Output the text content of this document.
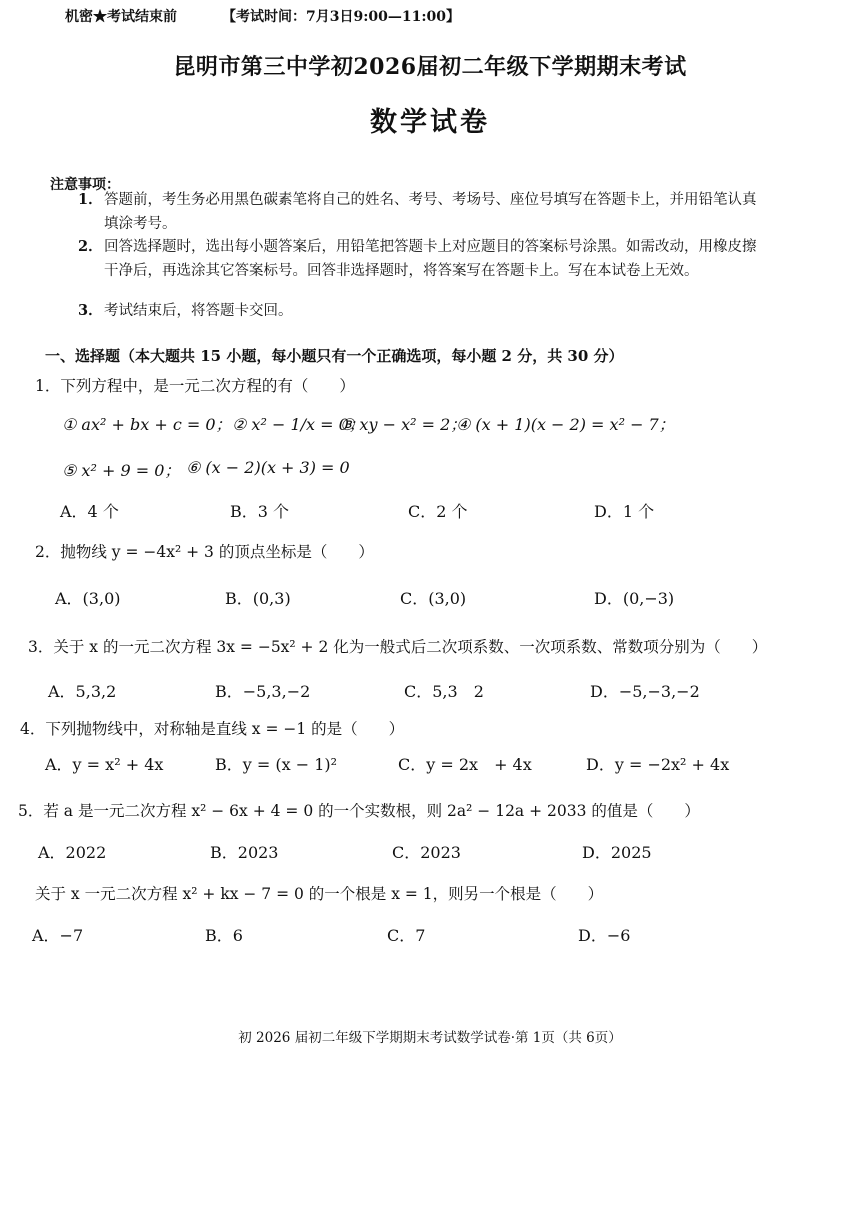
机密★考试结束前	【考试时间：7月3日9:00—11:00】
昆明市第三中学初2026届初二年级下学期期末考试
数学试卷
注意事项：
1． 答题前，考生务必用黑色碳素笔将自己的姓名、考号、考场号、座位号填写在答题卡上，并用铅笔认真填涂考号。
2． 回答选择题时，选出每小题答案后，用铅笔把答题卡上对应题目的答案标号涂黑。如需改动，用橡皮擦干净后，再选涂其它答案标号。回答非选择题时，将答案写在答题卡上。写在本试卷上无效。
3． 考试结束后，将答题卡交回。
一、选择题（本大题共 15 小题，每小题只有一个正确选项，每小题 2 分，共 30 分）
1．下列方程中，是一元二次方程的有（　　）
① ax² + bx + c = 0； ② x² − 1/x = 0；
③ xy − x² = 2；
④ (x + 1)(x − 2) = x² − 7；
⑤ x² + 9 = 0； ⑥ (x − 2)(x + 3) = 0
A．4 个	B．3 个	C．2 个	D．1 个
2．抛物线 y = −4x² + 3 的顶点坐标是（　　）
A．(3,0)	B．(0,3)	C．(3,0)	D．(0,−3)
3．关于 x 的一元二次方程 3x = −5x² + 2 化为一般式后二次项系数、一次项系数、常数项分别为（　　）
A．5,3,2	B．−5,3,−2	C．5,3　2	D．−5,−3,−2
4．下列抛物线中，对称轴是直线 x = −1 的是（　　）
A．y = x² + 4x	B．y = (x − 1)²	C．y = 2x　+ 4x	D．y = −2x² + 4x
5．若 a 是一元二次方程 x² − 6x + 4 = 0 的一个实数根，则 2a² − 12a + 2033 的值是（　　）
A．2022	B．2023	C．2023	D．2025
关于 x 一元二次方程 x² + kx − 7 = 0 的一个根是 x = 1，则另一个根是（　　）
A．−7	B．6	C．7	D．−6
初 2026 届初二年级下学期期末考试数学试卷·第 1页（共 6页）
